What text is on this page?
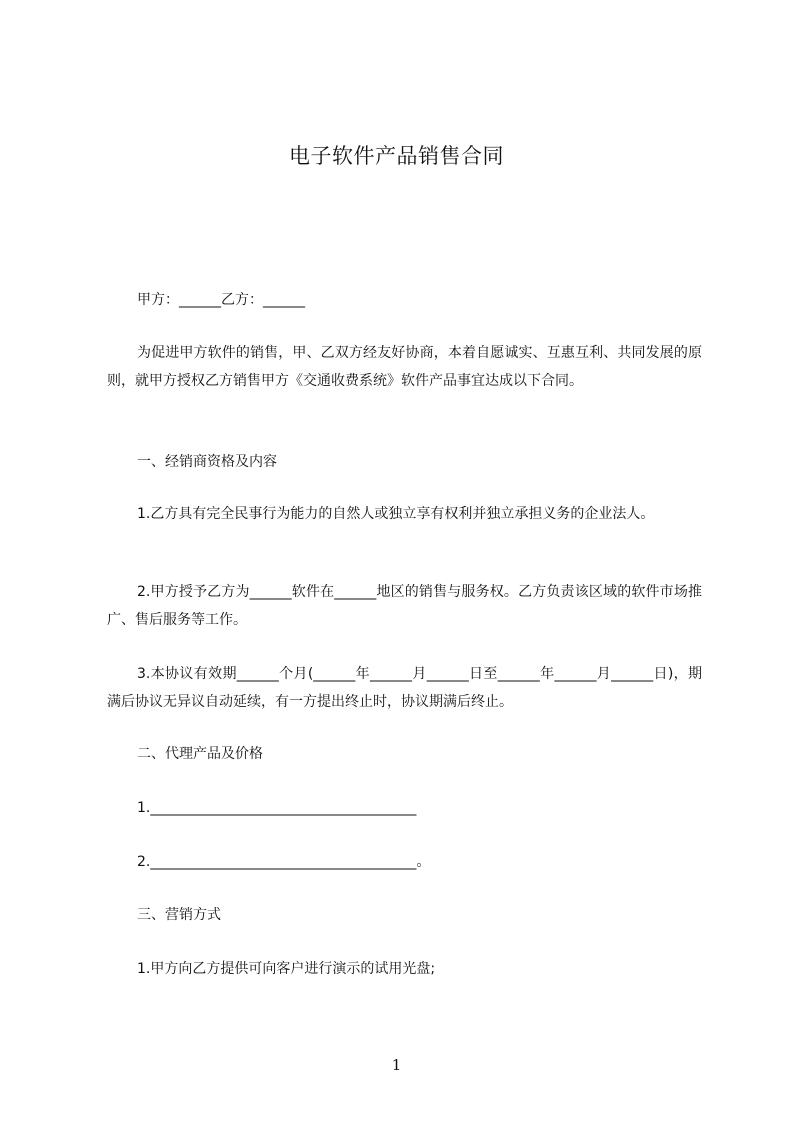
电子软件产品销售合同
甲方：______乙方：______
为促进甲方软件的销售，甲、乙双方经友好协商，本着自愿诚实、互惠互利、共同发展的原则，就甲方授权乙方销售甲方《交通收费系统》软件产品事宜达成以下合同。
一、经销商资格及内容
1.乙方具有完全民事行为能力的自然人或独立享有权利并独立承担义务的企业法人。
2.甲方授予乙方为______软件在______地区的销售与服务权。乙方负责该区域的软件市场推广、售后服务等工作。
3.本协议有效期______个月(______年______月______日至______年______月______日)，期满后协议无异议自动延续，有一方提出终止时，协议期满后终止。
二、代理产品及价格
1.______________________________________
2.______________________________________。
三、营销方式
1.甲方向乙方提供可向客户进行演示的试用光盘;
1
